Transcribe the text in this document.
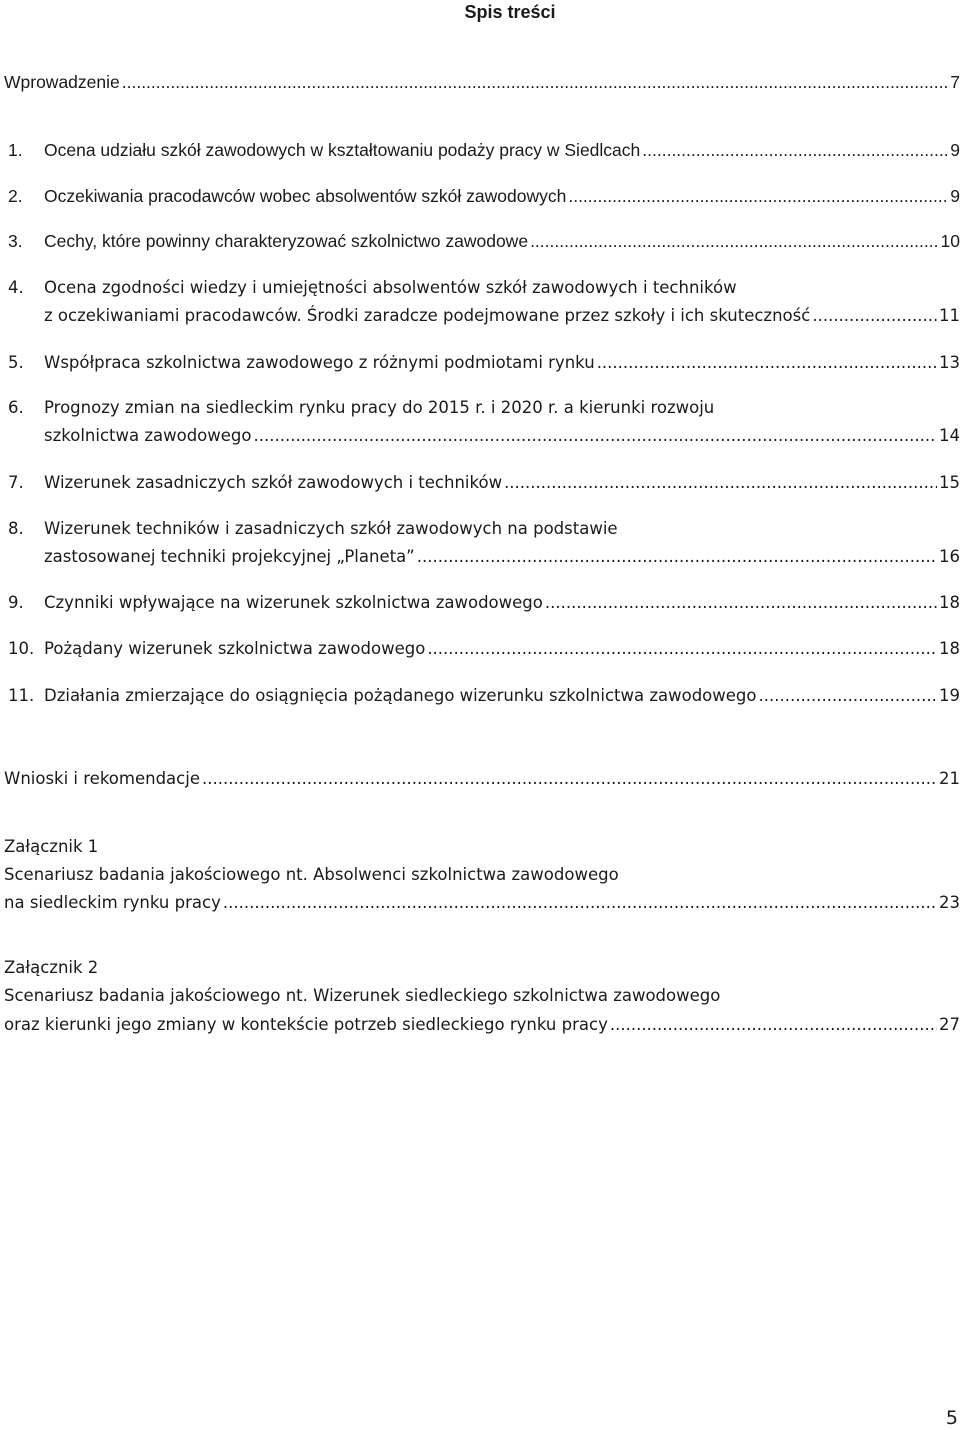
Spis treści
Wprowadzenie	7
.....
1. Ocena udziału szkół zawodowych w kształtowaniu podaży pracy w Siedlcach	9
.....
2. Oczekiwania pracodawców wobec absolwentów szkół zawodowych	9
.....
3. Cechy, które powinny charakteryzować szkolnictwo zawodowe	10
.....
4. Ocena zgodności wiedzy i umiejętności absolwentów szkół zawodowych i techników
z oczekiwaniami pracodawców. Środki zaradcze podejmowane przez szkoły i ich skuteczność	11
.....
5. Współpraca szkolnictwa zawodowego z różnymi podmiotami rynku	13
.....
6. Prognozy zmian na siedleckim rynku pracy do 2015 r. i 2020 r. a kierunki rozwoju
szkolnictwa zawodowego	14
.....
7. Wizerunek zasadniczych szkół zawodowych i techników	15
.....
8. Wizerunek techników i zasadniczych szkół zawodowych na podstawie
zastosowanej techniki projekcyjnej „Planeta”	16
.....
9. Czynniki wpływające na wizerunek szkolnictwa zawodowego	18
.....
10. Pożądany wizerunek szkolnictwa zawodowego	18
.....
11. Działania zmierzające do osiągnięcia pożądanego wizerunku szkolnictwa zawodowego	19
.....
Wnioski i rekomendacje	21
.....
Załącznik 1
Scenariusz badania jakościowego nt. Absolwenci szkolnictwa zawodowego
na siedleckim rynku pracy	23
.....
Załącznik 2
Scenariusz badania jakościowego nt. Wizerunek siedleckiego szkolnictwa zawodowego
oraz kierunki jego zmiany w kontekście potrzeb siedleckiego rynku pracy	27
.....
5
